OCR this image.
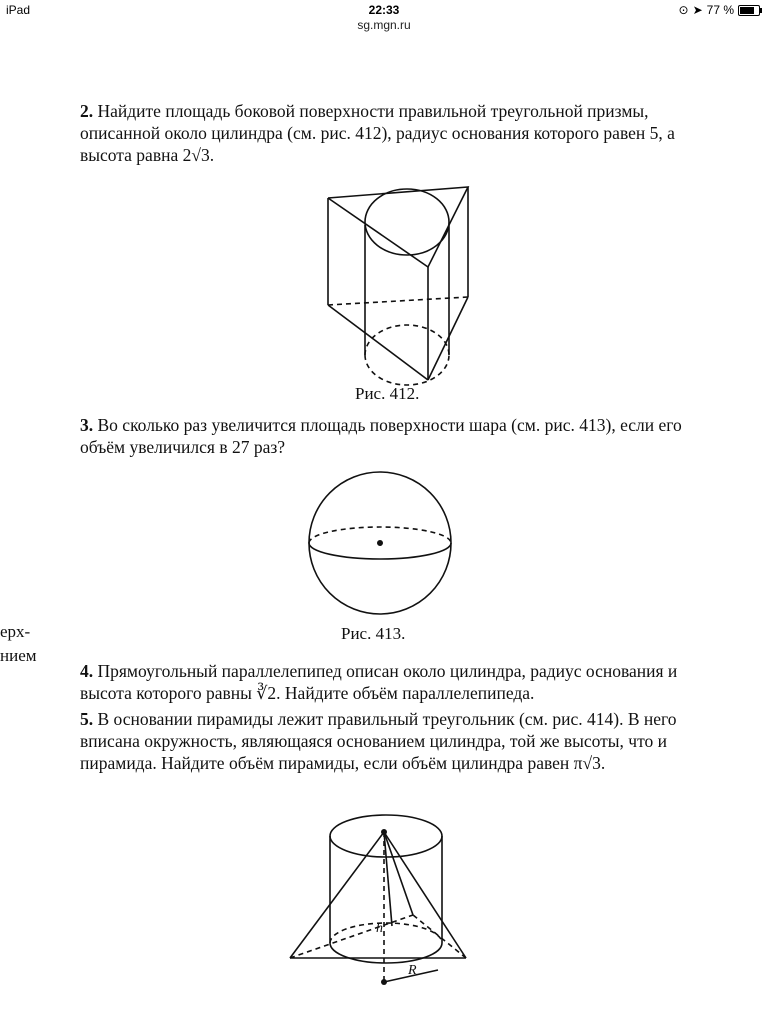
iPad	22:33	⊙ ➤ 77 %
sg.mgn.ru
ерх-
нием
2. Найдите площадь боковой поверхности правильной треугольной призмы, описанной около цилиндра (см. рис. 412), радиус основания которого равен 5, а высота равна 2√3.
Рис. 412.
3. Во сколько раз увеличится площадь поверхности шара (см. рис. 413), если его объём увеличился в 27 раз?
Рис. 413.
4. Прямоугольный параллелепипед описан около цилиндра, радиус основания и высота которого равны ∛2. Найдите объём параллелепипеда.
5. В основании пирамиды лежит правильный треугольник (см. рис. 414). В него вписана окружность, являющаяся основанием цилиндра, той же высоты, что и пирамида. Найдите объём пирамиды, если объём цилиндра равен π√3.
h
R
